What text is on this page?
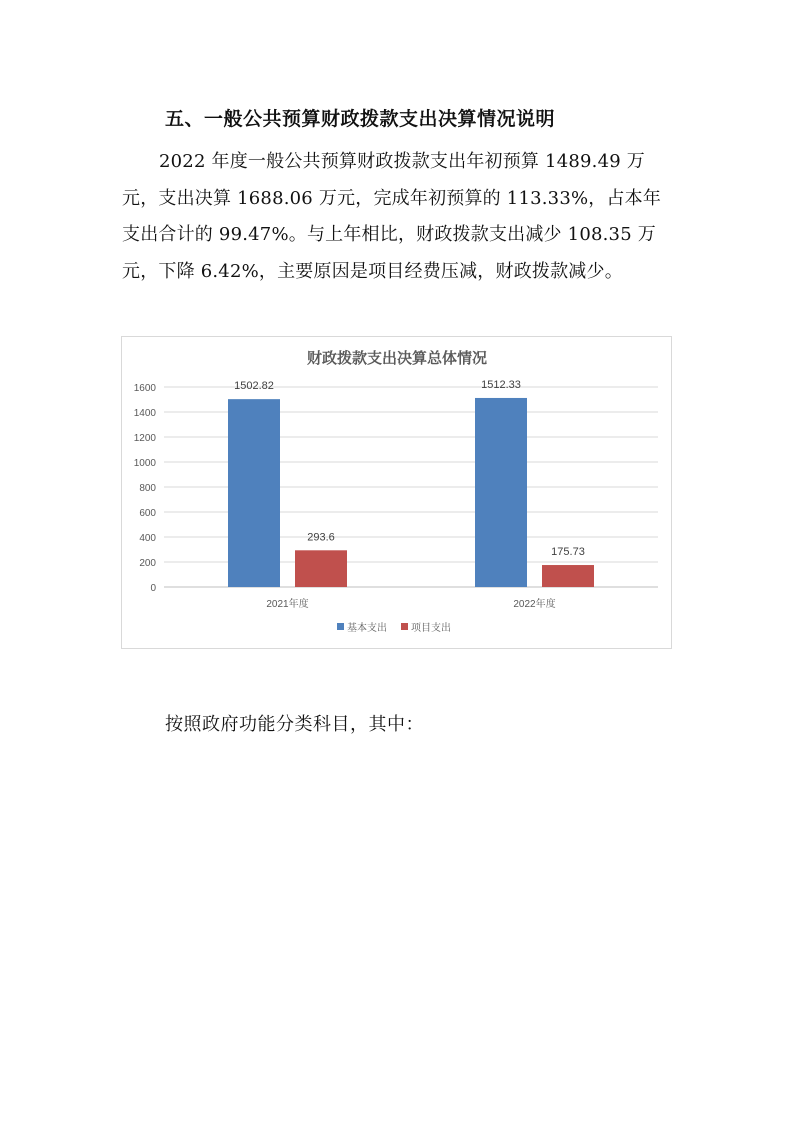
五、一般公共预算财政拨款支出决算情况说明

2022 年度一般公共预算财政拨款支出年初预算 1489.49 万元，支出决算 1688.06 万元，完成年初预算的 113.33%，占本年支出合计的 99.47%。与上年相比，财政拨款支出减少 108.35 万元，下降 6.42%，主要原因是项目经费压减，财政拨款减少。

财政拨款支出决算总体情况
0
200
400
600
800
1000
1200
1400
1600	1502.82
293.6
1512.33
175.73
2021年度	2022年度
基本支出 项目支出
按照政府功能分类科目，其中：
